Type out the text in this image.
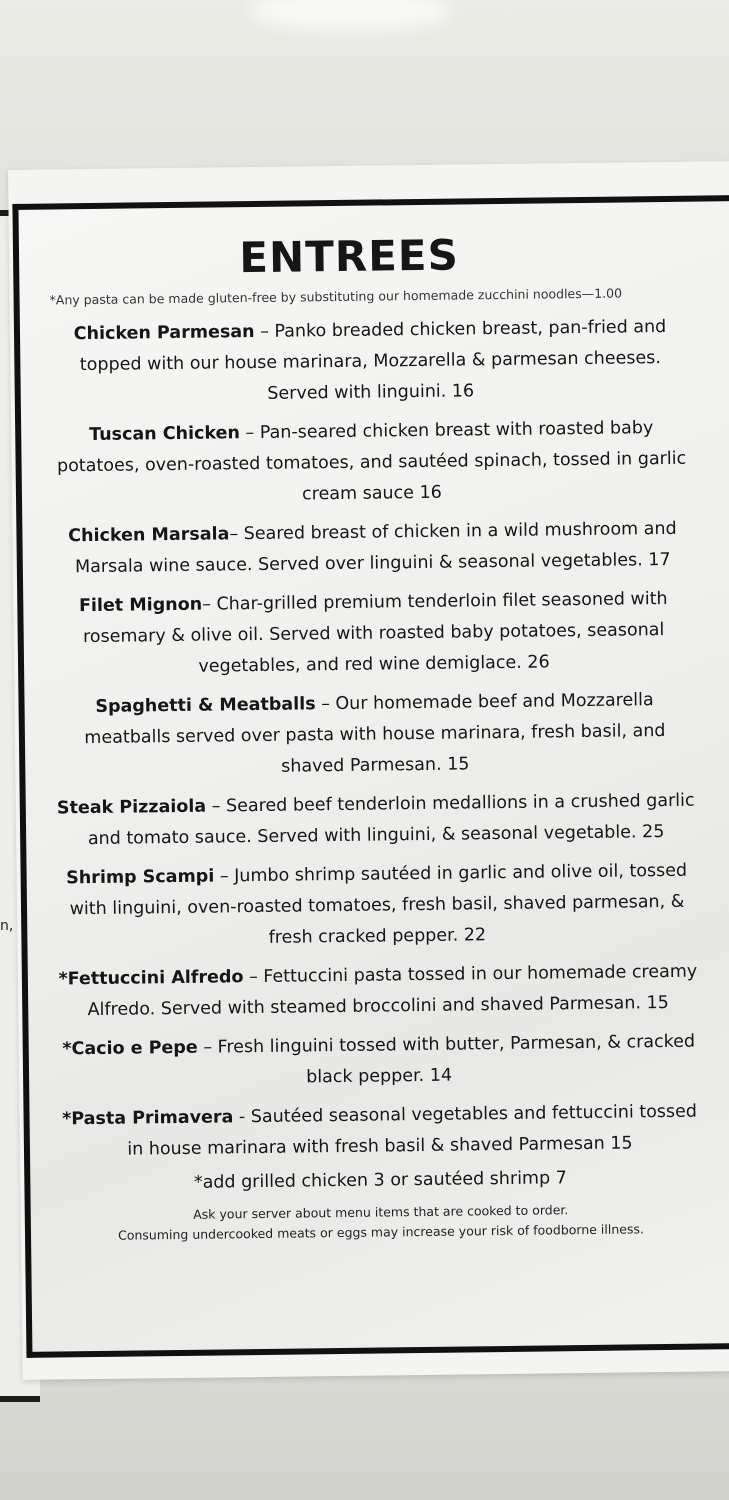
n,
ENTREES
*Any pasta can be made gluten-free by substituting our homemade zucchini noodles—1.00
Chicken Parmesan – Panko breaded chicken breast, pan-fried and topped with our house marinara, Mozzarella & parmesan cheeses. Served with linguini. 16
Tuscan Chicken – Pan-seared chicken breast with roasted baby potatoes, oven-roasted tomatoes, and sautéed spinach, tossed in garlic cream sauce 16
Chicken Marsala– Seared breast of chicken in a wild mushroom and Marsala wine sauce. Served over linguini & seasonal vegetables. 17
Filet Mignon– Char-grilled premium tenderloin filet seasoned with rosemary & olive oil. Served with roasted baby potatoes, seasonal vegetables, and red wine demiglace. 26
Spaghetti & Meatballs – Our homemade beef and Mozzarella meatballs served over pasta with house marinara, fresh basil, and shaved Parmesan. 15
Steak Pizzaiola – Seared beef tenderloin medallions in a crushed garlic and tomato sauce. Served with linguini, & seasonal vegetable. 25
Shrimp Scampi – Jumbo shrimp sautéed in garlic and olive oil, tossed with linguini, oven-roasted tomatoes, fresh basil, shaved parmesan, & fresh cracked pepper. 22
*Fettuccini Alfredo – Fettuccini pasta tossed in our homemade creamy Alfredo. Served with steamed broccolini and shaved Parmesan. 15
*Cacio e Pepe – Fresh linguini tossed with butter, Parmesan, & cracked black pepper. 14
*Pasta Primavera - Sautéed seasonal vegetables and fettuccini tossed in house marinara with fresh basil & shaved Parmesan 15
*add grilled chicken 3 or sautéed shrimp 7
Ask your server about menu items that are cooked to order.
Consuming undercooked meats or eggs may increase your risk of foodborne illness.
